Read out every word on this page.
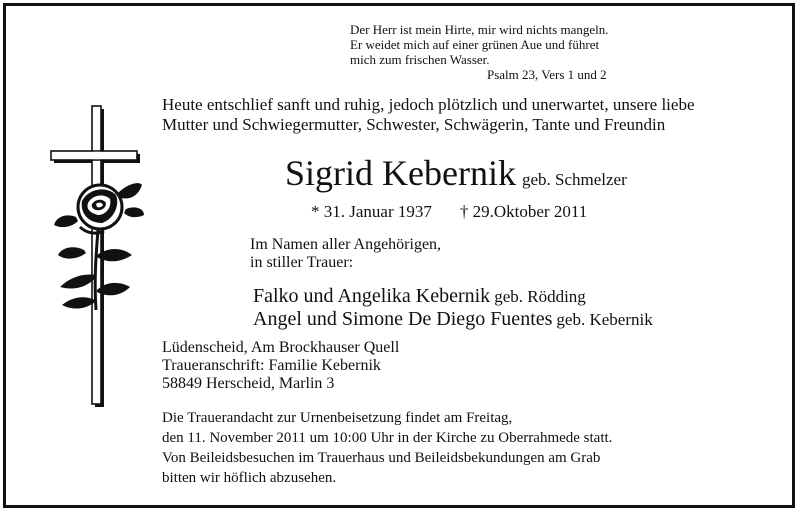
Der Herr ist mein Hirte, mir wird nichts mangeln.
Er weidet mich auf einer grünen Aue und führet
mich zum frischen Wasser.
Psalm 23, Vers 1 und 2
Heute entschlief sanft und ruhig, jedoch plötzlich und unerwartet, unsere liebe
Mutter und Schwiegermutter, Schwester, Schwägerin, Tante und Freundin
Sigrid Kebernik geb. Schmelzer
* 31. Januar 1937 † 29.Oktober 2011
Im Namen aller Angehörigen,
in stiller Trauer:
Falko und Angelika Kebernik geb. Rödding
Angel und Simone De Diego Fuentes geb. Kebernik
Lüdenscheid, Am Brockhauser Quell
Traueranschrift: Familie Kebernik
58849 Herscheid, Marlin 3
Die Trauerandacht zur Urnenbeisetzung findet am Freitag,
den 11. November 2011 um 10:00 Uhr in der Kirche zu Oberrahmede statt.
Von Beileidsbesuchen im Trauerhaus und Beileidsbekundungen am Grab
bitten wir höflich abzusehen.
